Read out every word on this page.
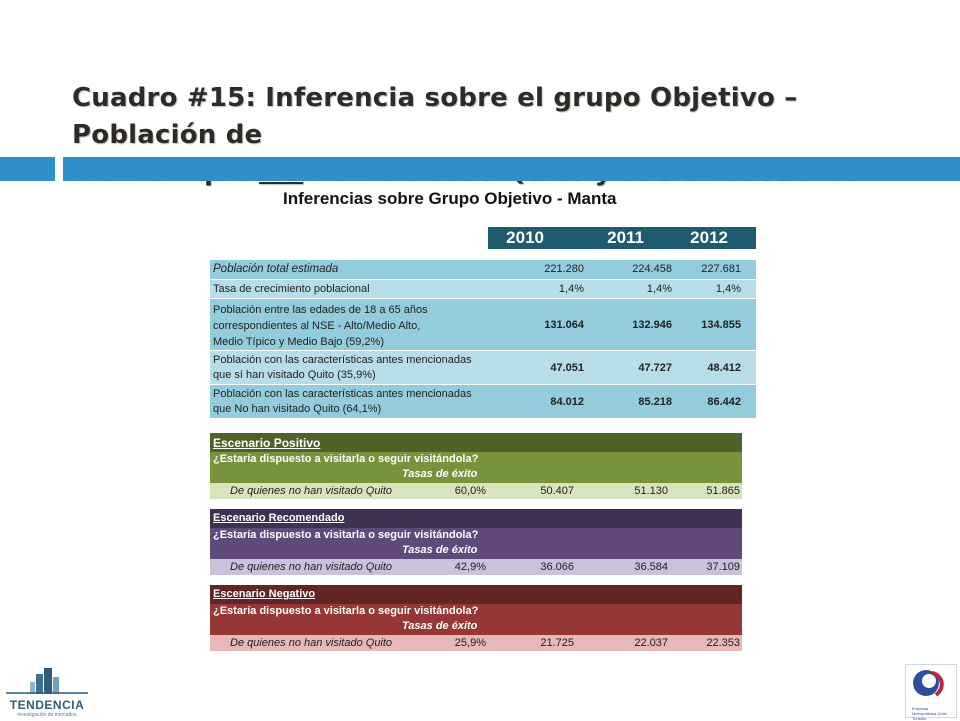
Cuadro #15: Inferencia sobre el grupo Objetivo – Población de
Inferencias sobre Grupo Objetivo - Manta
2010	2011	2012
Población total estimada	221.280	224.458	227.681
Tasa de crecimiento poblacional	1,4%	1,4%	1,4%
Población entre las edades de 18 a 65 años
correspondientes al NSE - Alto/Medio Alto,
Medio Típico y Medio Bajo (59,2%)
131.064	132.946	134.855
Población con las características antes mencionadas
que sí han visitado Quito (35,9%)
47.051	47.727	48.412
Población con las características antes mencionadas
que No han visitado Quito (64,1%)
84.012	85.218	86.442
Escenario Positivo
¿Estaría dispuesto a visitarla o seguir visitándola?
Tasas de éxito
De quienes no han visitado Quito	60,0%	50.407	51.130	51.865
Escenario Recomendado
¿Estaría dispuesto a visitarla o seguir visitándola?
Tasas de éxito
De quienes no han visitado Quito	42,9%	36.066	36.584	37.109
Escenario Negativo
¿Estaría dispuesto a visitarla o seguir visitándola?
Tasas de éxito
De quienes no han visitado Quito	25,9%	21.725	22.037	22.353
TENDENCIA
investigación de mercados
Empresa Metropolitana Quito Turismo
